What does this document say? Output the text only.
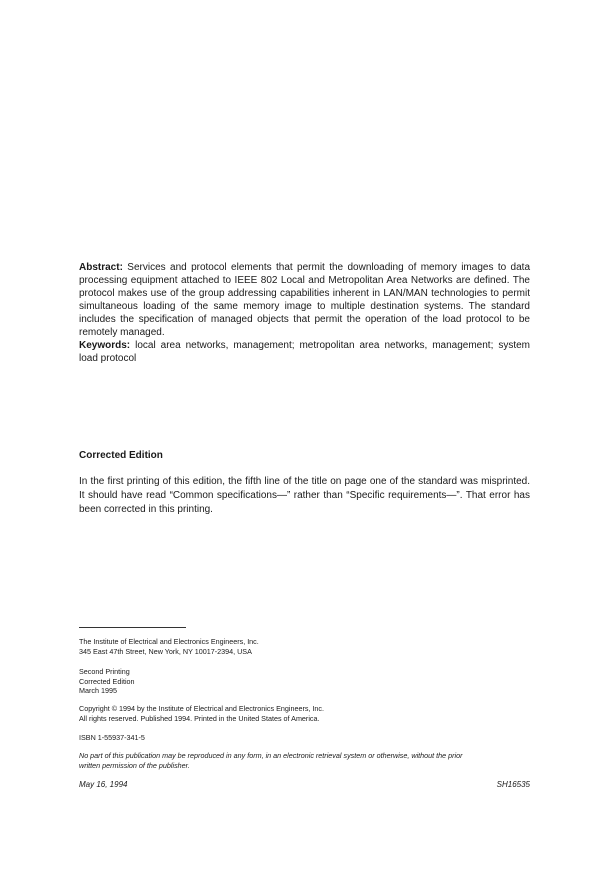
Abstract: Services and protocol elements that permit the downloading of memory images to data processing equipment attached to IEEE 802 Local and Metropolitan Area Networks are defined. The protocol makes use of the group addressing capabilities inherent in LAN/MAN technologies to permit simultaneous loading of the same memory image to multiple destination systems. The standard includes the specification of managed objects that permit the operation of the load protocol to be remotely managed.
Keywords: local area networks, management; metropolitan area networks, management; system load protocol

Corrected Edition

In the first printing of this edition, the fifth line of the title on page one of the standard was misprinted. It should have read “Common specifications—” rather than “Specific requirements—”. That error has been corrected in this printing.

The Institute of Electrical and Electronics Engineers, Inc.

345 East 47th Street, New York, NY 10017-2394, USA

Second Printing

Corrected Edition

March 1995

Copyright © 1994 by the Institute of Electrical and Electronics Engineers, Inc.

All rights reserved. Published 1994. Printed in the United States of America.

ISBN 1-55937-341-5

No part of this publication may be reproduced in any form, in an electronic retrieval system or otherwise, without the prior

written permission of the publisher.

May 16, 1994	SH16535
